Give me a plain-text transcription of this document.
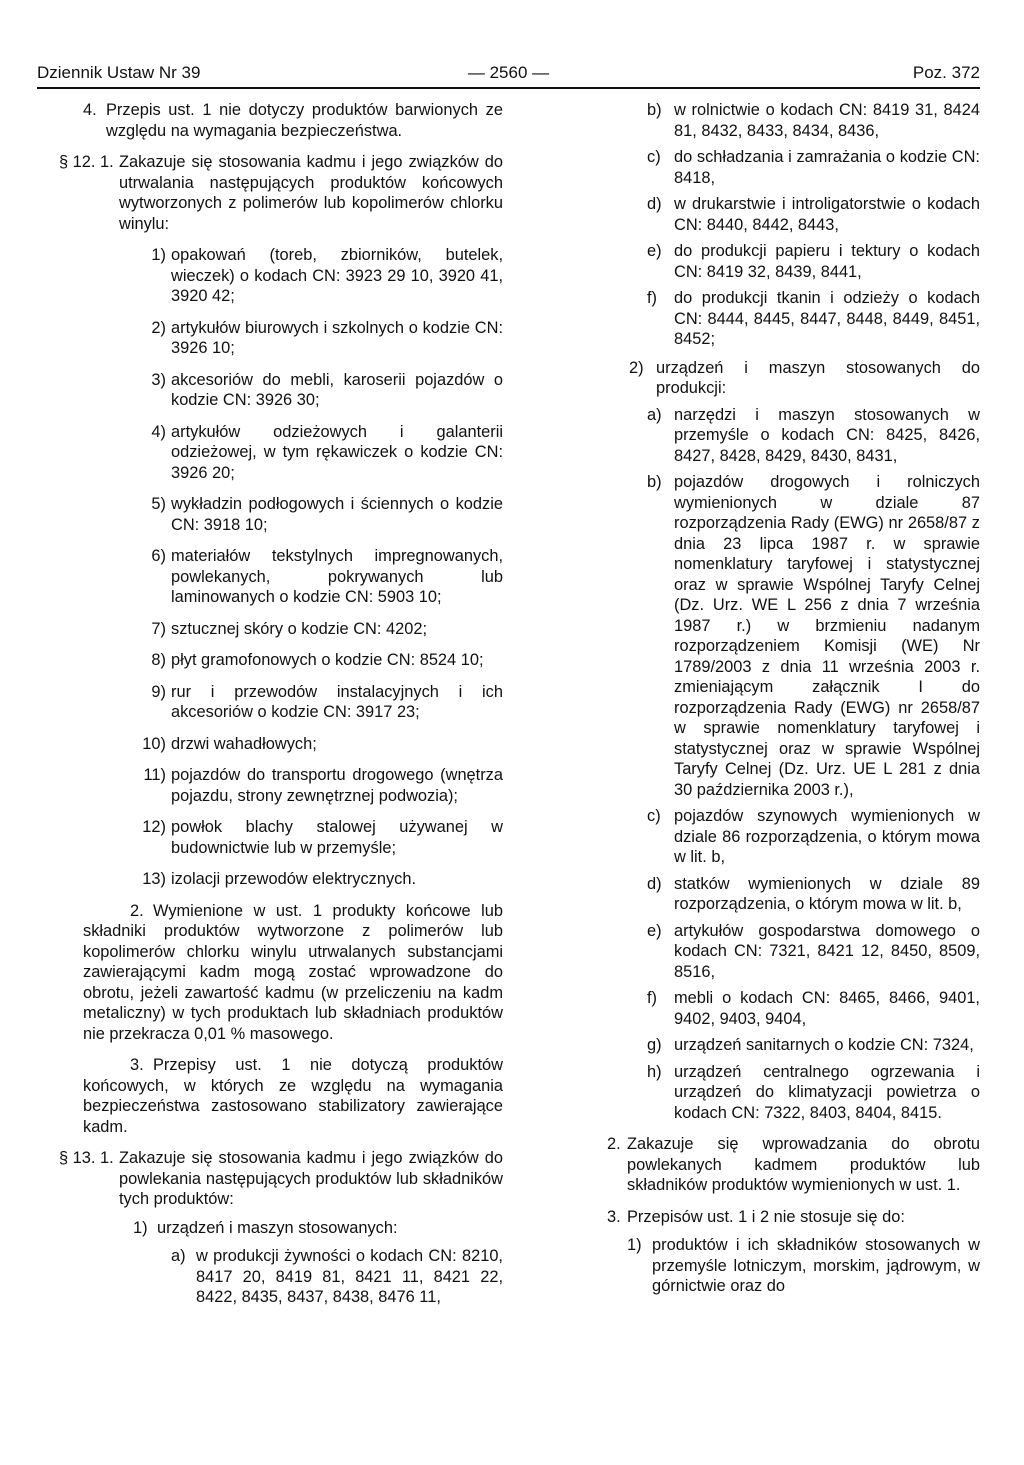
Dziennik Ustaw Nr 39	— 2560 —	Poz. 372
4. Przepis ust. 1 nie dotyczy produktów barwionych ze względu na wymagania bezpieczeństwa.
§ 12. 1. Zakazuje się stosowania kadmu i jego związków do utrwalania następujących produktów końcowych wytworzonych z polimerów lub kopolimerów chlorku winylu:
1) opakowań (toreb, zbiorników, butelek, wieczek) o kodach CN: 3923 29 10, 3920 41, 3920 42;
2) artykułów biurowych i szkolnych o kodzie CN: 3926 10;
3) akcesoriów do mebli, karoserii pojazdów o kodzie CN: 3926 30;
4) artykułów odzieżowych i galanterii odzieżowej, w tym rękawiczek o kodzie CN: 3926 20;
5) wykładzin podłogowych i ściennych o kodzie CN: 3918 10;
6) materiałów tekstylnych impregnowanych, powlekanych, pokrywanych lub laminowanych o kodzie CN: 5903 10;
7) sztucznej skóry o kodzie CN: 4202;
8) płyt gramofonowych o kodzie CN: 8524 10;
9) rur i przewodów instalacyjnych i ich akcesoriów o kodzie CN: 3917 23;
10) drzwi wahadłowych;
11) pojazdów do transportu drogowego (wnętrza pojazdu, strony zewnętrznej podwozia);
12) powłok blachy stalowej używanej w budownictwie lub w przemyśle;
13) izolacji przewodów elektrycznych.
2. Wymienione w ust. 1 produkty końcowe lub składniki produktów wytworzone z polimerów lub kopolimerów chlorku winylu utrwalanych substancjami zawierającymi kadm mogą zostać wprowadzone do obrotu, jeżeli zawartość kadmu (w przeliczeniu na kadm metaliczny) w tych produktach lub składniach produktów nie przekracza 0,01 % masowego.
3. Przepisy ust. 1 nie dotyczą produktów końcowych, w których ze względu na wymagania bezpieczeństwa zastosowano stabilizatory zawierające kadm.
§ 13. 1. Zakazuje się stosowania kadmu i jego związków do powlekania następujących produktów lub składników tych produktów:
1) urządzeń i maszyn stosowanych:
a) w produkcji żywności o kodach CN: 8210, 8417 20, 8419 81, 8421 11, 8421 22, 8422, 8435, 8437, 8438, 8476 11,
b) w rolnictwie o kodach CN: 8419 31, 8424 81, 8432, 8433, 8434, 8436,
c) do schładzania i zamrażania o kodzie CN: 8418,
d) w drukarstwie i introligatorstwie o kodach CN: 8440, 8442, 8443,
e) do produkcji papieru i tektury o kodach CN: 8419 32, 8439, 8441,
f)	do produkcji tkanin i odzieży o kodach CN: 8444, 8445, 8447, 8448, 8449, 8451, 8452;
2) urządzeń i maszyn stosowanych do produkcji:
a) narzędzi i maszyn stosowanych w przemyśle o kodach CN: 8425, 8426, 8427, 8428, 8429, 8430, 8431,
b) pojazdów drogowych i rolniczych wymienionych w dziale 87 rozporządzenia Rady (EWG) nr 2658/87 z dnia 23 lipca 1987 r. w sprawie nomenklatury taryfowej i statystycznej oraz w sprawie Wspólnej Taryfy Celnej (Dz. Urz. WE L 256 z dnia 7 września 1987 r.) w brzmieniu nadanym rozporządzeniem Komisji (WE) Nr 1789/2003 z dnia 11 września 2003 r. zmieniającym załącznik I do rozporządzenia Rady (EWG) nr 2658/87 w sprawie nomenklatury taryfowej i statystycznej oraz w sprawie Wspólnej Taryfy Celnej (Dz. Urz. UE L 281 z dnia 30 października 2003 r.),
c) pojazdów szynowych wymienionych w dziale 86 rozporządzenia, o którym mowa w lit. b,
d) statków wymienionych w dziale 89 rozporządzenia, o którym mowa w lit. b,
e) artykułów gospodarstwa domowego o kodach CN: 7321, 8421 12, 8450, 8509, 8516,
f)	mebli o kodach CN: 8465, 8466, 9401, 9402, 9403, 9404,
g) urządzeń sanitarnych o kodzie CN: 7324,
h) urządzeń centralnego ogrzewania i urządzeń do klimatyzacji powietrza o kodach CN: 7322, 8403, 8404, 8415.
2. Zakazuje się wprowadzania do obrotu powlekanych kadmem produktów lub składników produktów wymienionych w ust. 1.
3. Przepisów ust. 1 i 2 nie stosuje się do:
1) produktów i ich składników stosowanych w przemyśle lotniczym, morskim, jądrowym, w górnictwie oraz do
